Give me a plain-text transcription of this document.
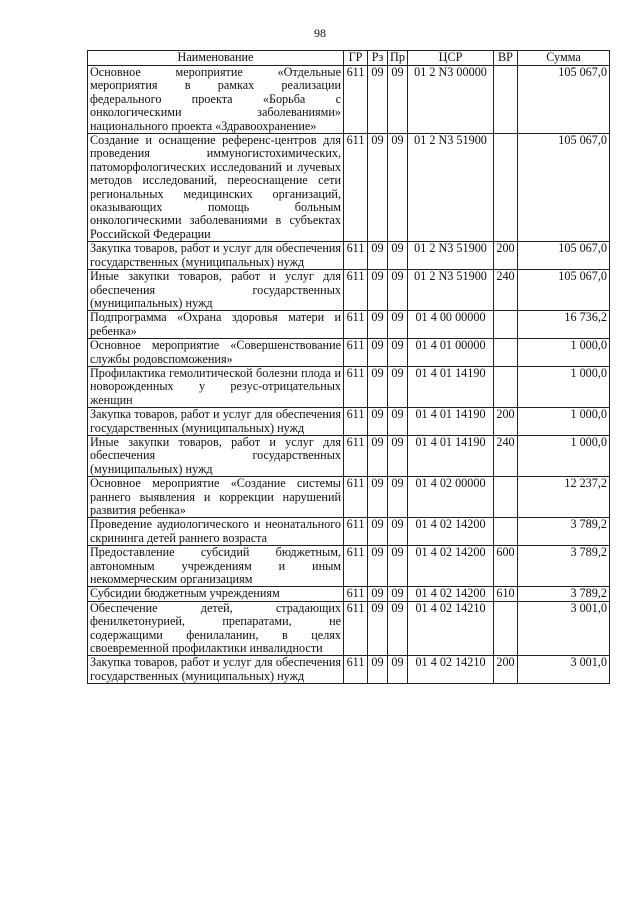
98
Наименование	ГР	Рз	Пр	ЦСР	ВР	Сумма
Основное мероприятие «Отдельные мероприятия в рамках реализации федерального проекта «Борьба с онкологическими заболеваниями» национального проекта «Здравоохранение»	611	09	09	01 2 N3 00000		105 067,0
Создание и оснащение референс-центров для проведения иммуногистохимических, патоморфологических исследований и лучевых методов исследований, переоснащение сети региональных медицинских организаций, оказывающих помощь больным онкологическими заболеваниями в субъектах Российской Федерации	611	09	09	01 2 N3 51900		105 067,0
Закупка товаров, работ и услуг для обеспечения государственных (муниципальных) нужд	611	09	09	01 2 N3 51900	200	105 067,0
Иные закупки товаров, работ и услуг для обеспечения государственных (муниципальных) нужд	611	09	09	01 2 N3 51900	240	105 067,0
Подпрограмма «Охрана здоровья матери и ребенка»	611	09	09	01 4 00 00000		16 736,2
Основное мероприятие «Совершенствование службы родовспоможения»	611	09	09	01 4 01 00000		1 000,0
Профилактика гемолитической болезни плода и новорожденных у резус-отрицательных женщин	611	09	09	01 4 01 14190		1 000,0
Закупка товаров, работ и услуг для обеспечения государственных (муниципальных) нужд	611	09	09	01 4 01 14190	200	1 000,0
Иные закупки товаров, работ и услуг для обеспечения государственных (муниципальных) нужд	611	09	09	01 4 01 14190	240	1 000,0
Основное мероприятие «Создание системы раннего выявления и коррекции нарушений развития ребенка»	611	09	09	01 4 02 00000		12 237,2
Проведение аудиологического и неонатального скрининга детей раннего возраста	611	09	09	01 4 02 14200		3 789,2
Предоставление субсидий бюджетным, автономным учреждениям и иным некоммерческим организациям	611	09	09	01 4 02 14200	600	3 789,2
Субсидии бюджетным учреждениям	611	09	09	01 4 02 14200	610	3 789,2
Обеспечение детей, страдающих фенилкетонурией, препаратами, не содержащими фенилаланин, в целях своевременной профилактики инвалидности	611	09	09	01 4 02 14210		3 001,0
Закупка товаров, работ и услуг для обеспечения государственных (муниципальных) нужд	611	09	09	01 4 02 14210	200	3 001,0
